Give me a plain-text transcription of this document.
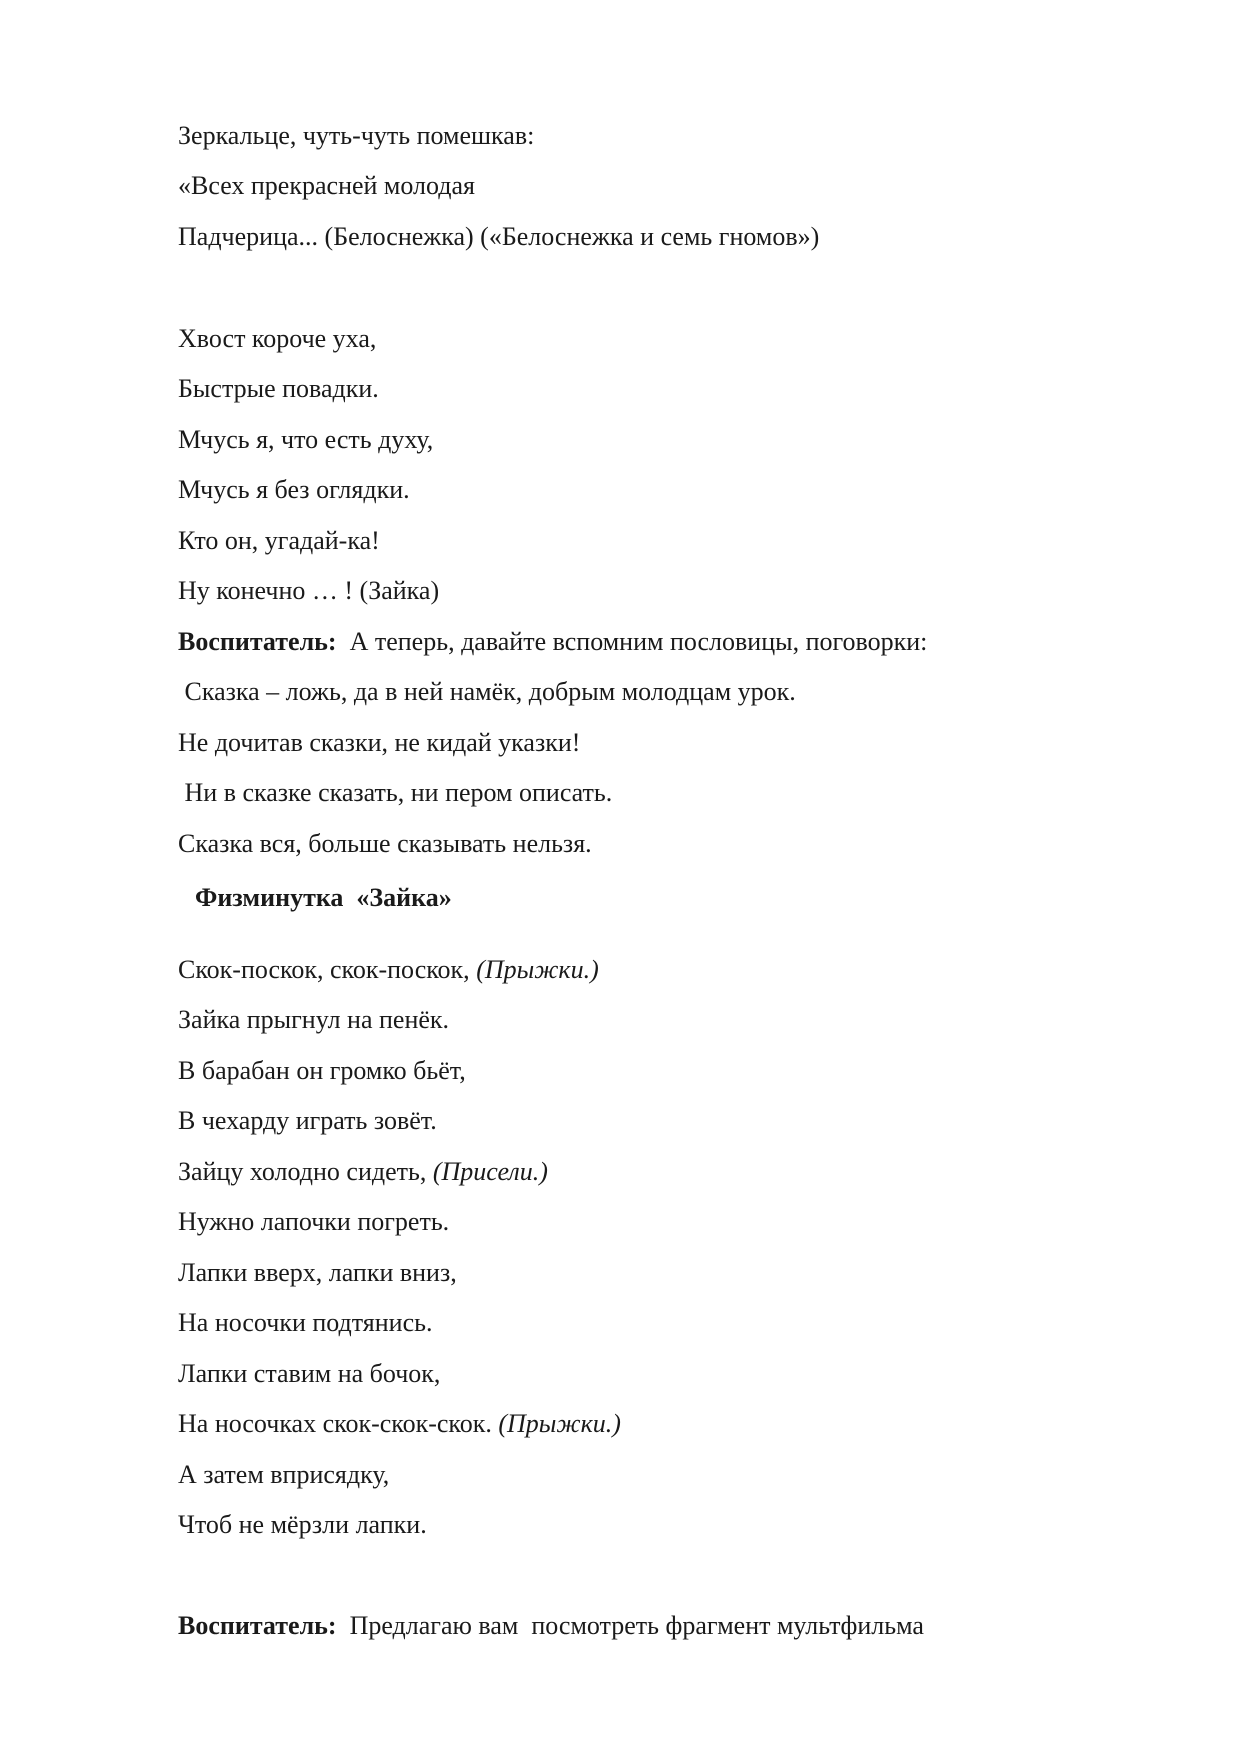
Зеркальце, чуть-чуть помешкав:

«Всех прекрасней молодая

Падчерица... (Белоснежка) («Белоснежка и семь гномов»)

Хвост короче уха,

Быстрые повадки.

Мчусь я, что есть духу,

Мчусь я без оглядки.

Кто он, угадай-ка!

Ну конечно … ! (Зайка)

Воспитатель: А теперь, давайте вспомним пословицы, поговорки:

Сказка – ложь, да в ней намёк, добрым молодцам урок.

Не дочитав сказки, не кидай указки!

Ни в сказке сказать, ни пером описать.

Сказка вся, больше сказывать нельзя.

Физминутка  «Зайка»

Скок-поскок, скок-поскок, (Прыжки.)

Зайка прыгнул на пенёк.

В барабан он громко бьёт,

В чехарду играть зовёт.

Зайцу холодно сидеть, (Присели.)

Нужно лапочки погреть.

Лапки вверх, лапки вниз,

На носочки подтянись.

Лапки ставим на бочок,

На носочках скок-скок-скок. (Прыжки.)

А затем вприсядку,

Чтоб не мёрзли лапки.

Воспитатель: Предлагаю вам  посмотреть фрагмент мультфильма
